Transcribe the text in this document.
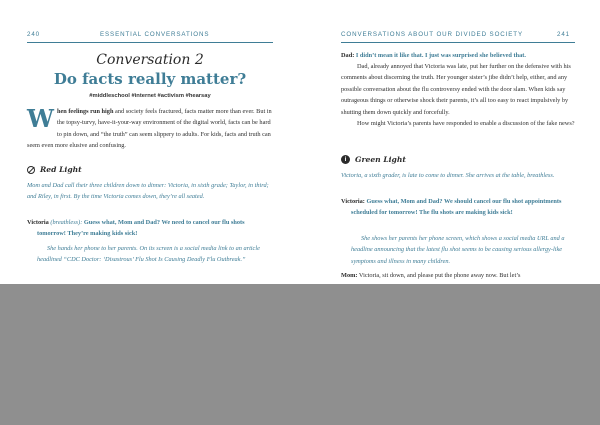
240	ESSENTIAL CONVERSATIONS
Conversation 2
Do facts really matter?
#middleschool #internet #activism #hearsay
When feelings run high and society feels fractured, facts matter more than ever. But in the topsy-turvy, have-it-your-way environment of the digital world, facts can be hard to pin down, and “the truth” can seem slippery to adults. For kids, facts and truth can seem even more elusive and confusing.
Red Light
Mom and Dad call their three children down to dinner: Victoria, in sixth grade; Taylor, in third; and Riley, in first. By the time Victoria comes down, they’re all seated.
Victoria (breathless): Guess what, Mom and Dad? We need to cancel our flu shots tomorrow! They’re making kids sick!
She hands her phone to her parents. On its screen is a social media link to an article headlined “CDC Doctor: ‘Disastrous’ Flu Shot Is Causing Deadly Flu Outbreak.”
CONVERSATIONS ABOUT OUR DIVIDED SOCIETY	241
Dad: I didn’t mean it like that. I just was surprised she believed that.

Dad, already annoyed that Victoria was late, put her further on the defensive with his comments about discerning the truth. Her younger sister’s jibe didn’t help, either, and any possible conversation about the flu controversy ended with the door slam. When kids say outrageous things or otherwise shock their parents, it’s all too easy to react impulsively by shutting them down quickly and forcefully.

How might Victoria’s parents have responded to enable a discussion of the fake news?

i	Green Light
Victoria, a sixth grader, is late to come to dinner. She arrives at the table, breathless.
Victoria: Guess what, Mom and Dad? We should cancel our flu shot appointments scheduled for tomorrow! The flu shots are making kids sick!
She shows her parents her phone screen, which shows a social media URL and a headline announcing that the latest flu shot seems to be causing serious allergy-like symptoms and illness in many children.
Mom: Victoria, sit down, and please put the phone away now. But let’s
